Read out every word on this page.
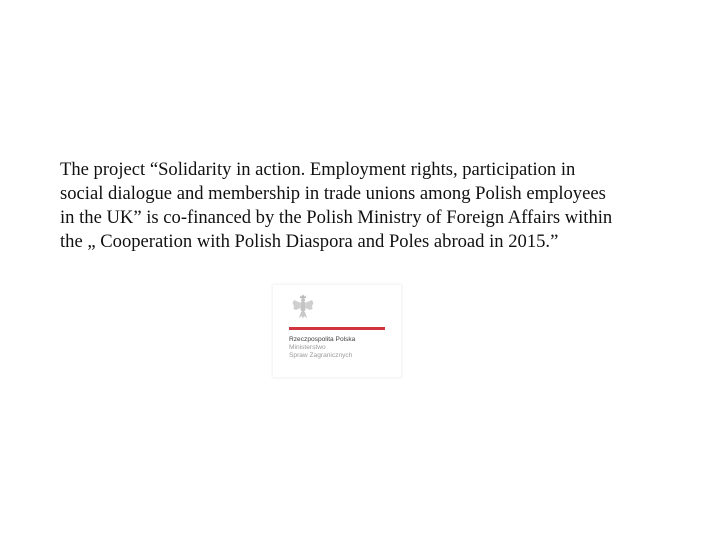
The project “Solidarity in action. Employment rights, participation in
social dialogue and membership in trade unions among Polish employees
in the UK” is co-financed by the Polish Ministry of Foreign Affairs within
the „ Cooperation with Polish Diaspora and Poles abroad in 2015.”

Rzeczpospolita Polska
Ministerstwo
Spraw Zagranicznych
